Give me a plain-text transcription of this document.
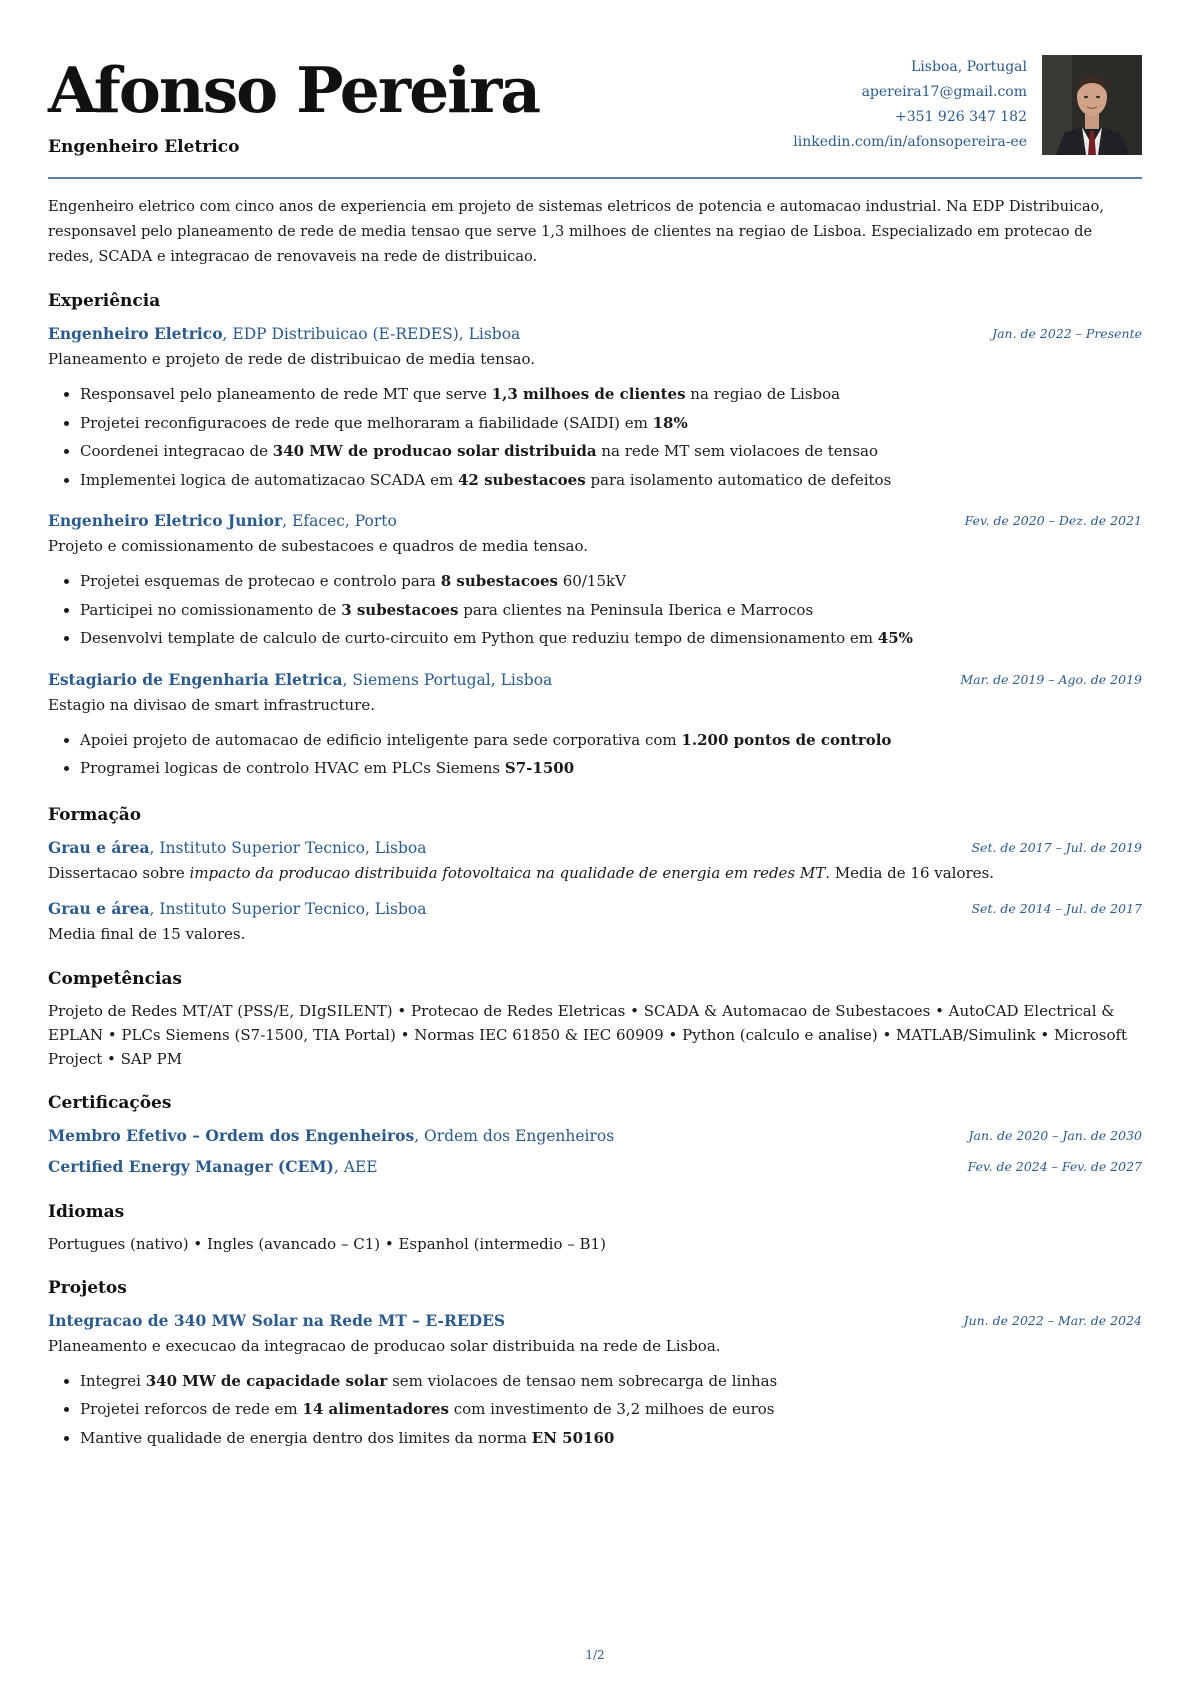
Afonso Pereira
Engenheiro Eletrico
Lisboa, Portugal
apereira17@gmail.com
+351 926 347 182
linkedin.com/in/afonsopereira-ee
Engenheiro eletrico com cinco anos de experiencia em projeto de sistemas eletricos de potencia e automacao industrial. Na EDP Distribuicao, responsavel pelo planeamento de rede de media tensao que serve 1,3 milhoes de clientes na regiao de Lisboa. Especializado em protecao de redes, SCADA e integracao de renovaveis na rede de distribuicao.
Experiência
Engenheiro Eletrico, EDP Distribuicao (E-REDES), Lisboa	Jan. de 2022 – Presente
Planeamento e projeto de rede de distribuicao de media tensao.
• Responsavel pelo planeamento de rede MT que serve 1,3 milhoes de clientes na regiao de Lisboa
• Projetei reconfiguracoes de rede que melhoraram a fiabilidade (SAIDI) em 18%
• Coordenei integracao de 340 MW de producao solar distribuida na rede MT sem violacoes de tensao
• Implementei logica de automatizacao SCADA em 42 subestacoes para isolamento automatico de defeitos
Engenheiro Eletrico Junior, Efacec, Porto	Fev. de 2020 – Dez. de 2021
Projeto e comissionamento de subestacoes e quadros de media tensao.
• Projetei esquemas de protecao e controlo para 8 subestacoes 60/15kV
• Participei no comissionamento de 3 subestacoes para clientes na Peninsula Iberica e Marrocos
• Desenvolvi template de calculo de curto-circuito em Python que reduziu tempo de dimensionamento em 45%
Estagiario de Engenharia Eletrica, Siemens Portugal, Lisboa	Mar. de 2019 – Ago. de 2019
Estagio na divisao de smart infrastructure.
• Apoiei projeto de automacao de edificio inteligente para sede corporativa com 1.200 pontos de controlo
• Programei logicas de controlo HVAC em PLCs Siemens S7-1500
Formação
Grau e área, Instituto Superior Tecnico, Lisboa	Set. de 2017 – Jul. de 2019
Dissertacao sobre impacto da producao distribuida fotovoltaica na qualidade de energia em redes MT. Media de 16 valores.
Grau e área, Instituto Superior Tecnico, Lisboa	Set. de 2014 – Jul. de 2017
Media final de 15 valores.
Competências
Projeto de Redes MT/AT (PSS/E, DIgSILENT) • Protecao de Redes Eletricas • SCADA & Automacao de Subestacoes • AutoCAD Electrical & EPLAN • PLCs Siemens (S7-1500, TIA Portal) • Normas IEC 61850 & IEC 60909 • Python (calculo e analise) • MATLAB/Simulink • Microsoft Project • SAP PM
Certificações
Membro Efetivo – Ordem dos Engenheiros, Ordem dos Engenheiros	Jan. de 2020 – Jan. de 2030
Certified Energy Manager (CEM), AEE	Fev. de 2024 – Fev. de 2027
Idiomas
Portugues (nativo) • Ingles (avancado – C1) • Espanhol (intermedio – B1)
Projetos
Integracao de 340 MW Solar na Rede MT – E-REDES	Jun. de 2022 – Mar. de 2024
Planeamento e execucao da integracao de producao solar distribuida na rede de Lisboa.
• Integrei 340 MW de capacidade solar sem violacoes de tensao nem sobrecarga de linhas
• Projetei reforcos de rede em 14 alimentadores com investimento de 3,2 milhoes de euros
• Mantive qualidade de energia dentro dos limites da norma EN 50160
1/2
